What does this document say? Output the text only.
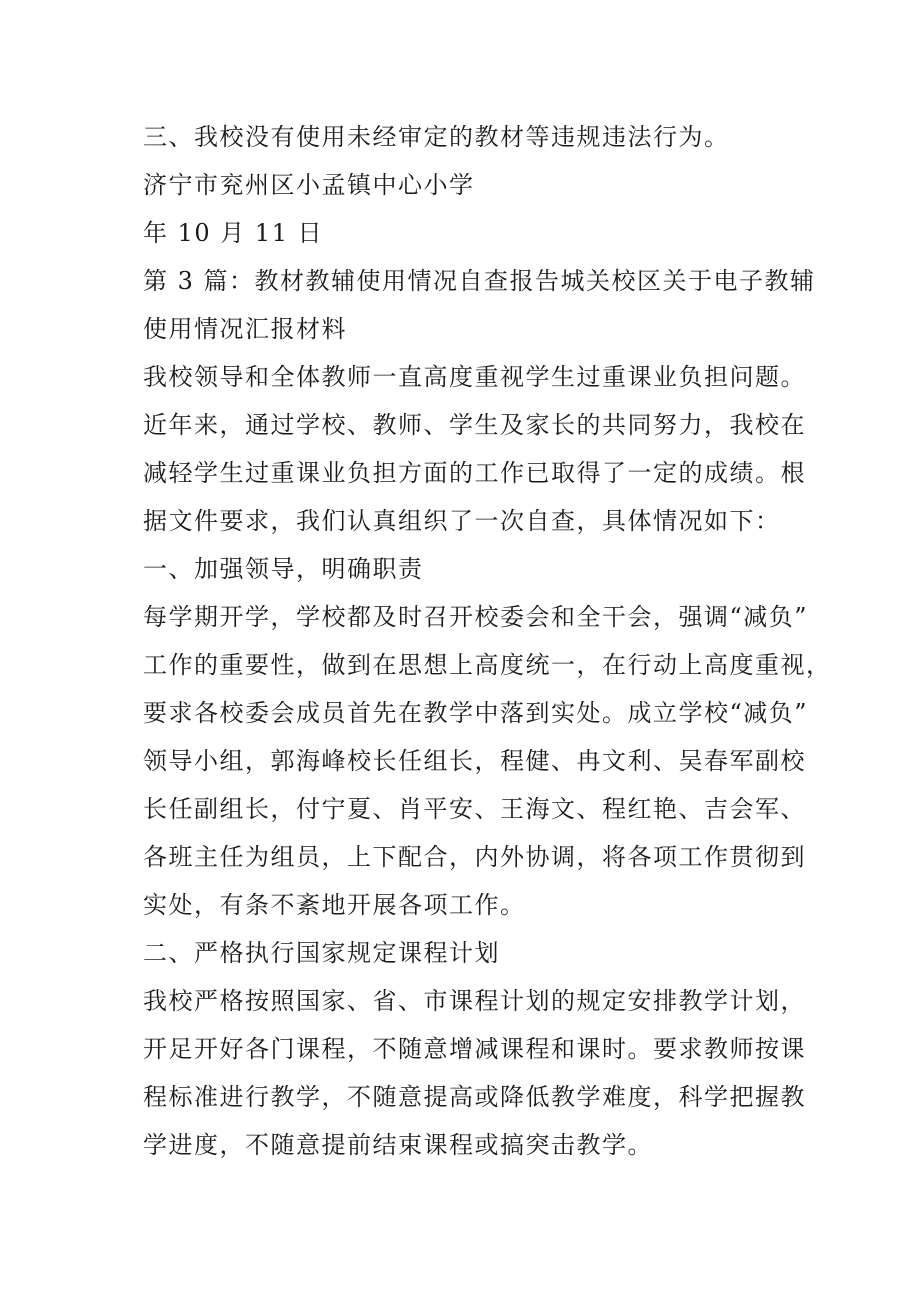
三、我校没有使用未经审定的教材等违规违法行为。
济宁市兖州区小孟镇中心小学
年 10 月 11 日
第 3 篇：教材教辅使用情况自查报告城关校区关于电子教辅
使用情况汇报材料
我校领导和全体教师一直高度重视学生过重课业负担问题。
近年来，通过学校、教师、学生及家长的共同努力，我校在
减轻学生过重课业负担方面的工作已取得了一定的成绩。根
据文件要求，我们认真组织了一次自查，具体情况如下：
一、加强领导，明确职责
每学期开学，学校都及时召开校委会和全干会，强调“减负”
工作的重要性，做到在思想上高度统一，在行动上高度重视，
要求各校委会成员首先在教学中落到实处。成立学校“减负”
领导小组，郭海峰校长任组长，程健、冉文利、吴春军副校
长任副组长，付宁夏、肖平安、王海文、程红艳、吉会军、
各班主任为组员，上下配合，内外协调，将各项工作贯彻到
实处，有条不紊地开展各项工作。
二、严格执行国家规定课程计划
我校严格按照国家、省、市课程计划的规定安排教学计划，
开足开好各门课程，不随意增减课程和课时。要求教师按课
程标准进行教学，不随意提高或降低教学难度，科学把握教
学进度，不随意提前结束课程或搞突击教学。
